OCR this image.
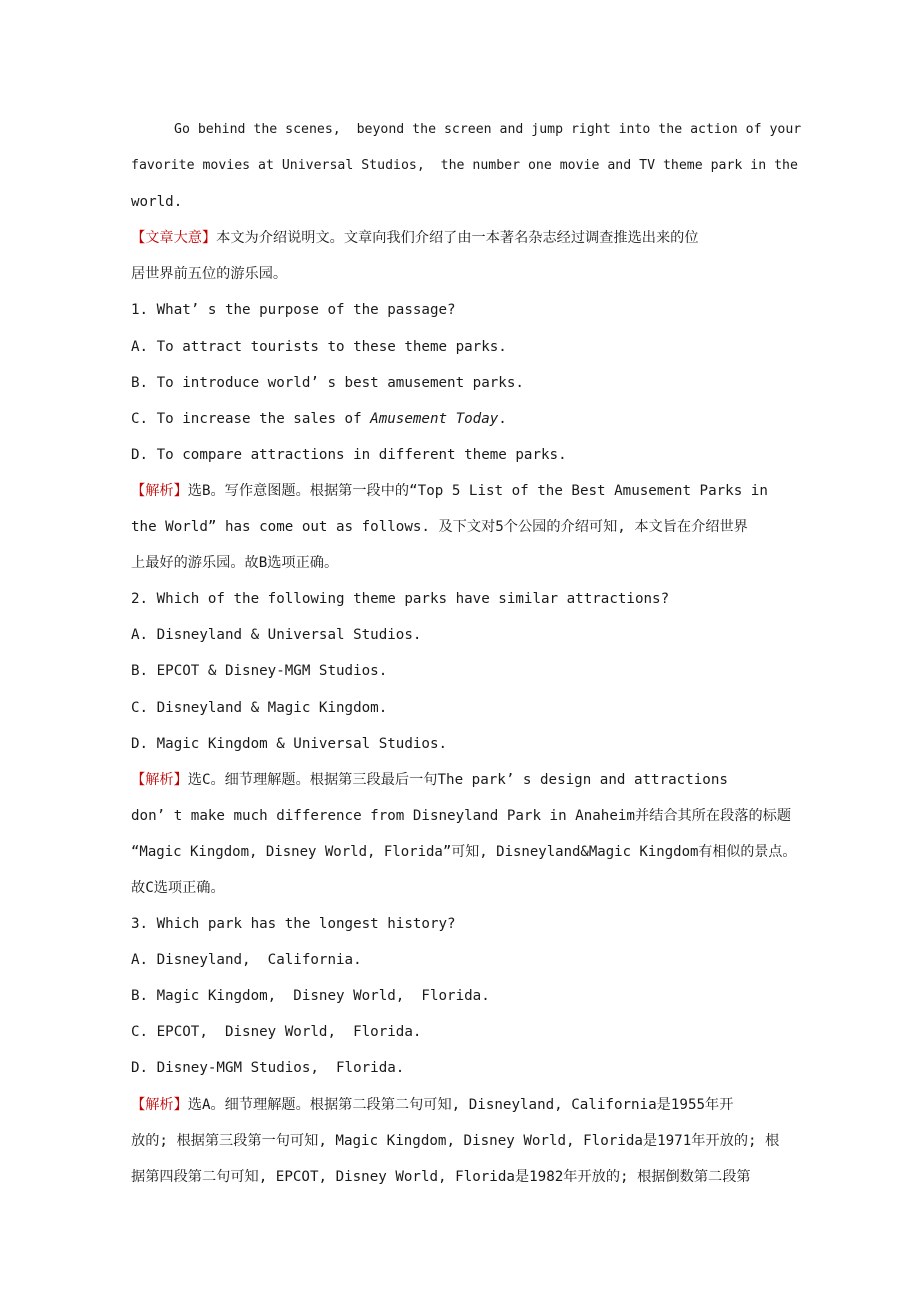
Go behind the scenes,  beyond the screen and jump right into the action of your
favorite movies at Universal Studios,  the number one movie and TV theme park in the
world.
【文章大意】本文为介绍说明文。文章向我们介绍了由一本著名杂志经过调查推选出来的位
居世界前五位的游乐园。
1. What’ s the purpose of the passage?
A. To attract tourists to these theme parks.
B. To introduce world’ s best amusement parks.
C. To increase the sales of Amusement Today.
D. To compare attractions in different theme parks.
【解析】选B。写作意图题。根据第一段中的“Top 5 List of the Best Amusement Parks in
the World” has come out as follows. 及下文对5个公园的介绍可知, 本文旨在介绍世界
上最好的游乐园。故B选项正确。
2. Which of the following theme parks have similar attractions?
A. Disneyland & Universal Studios.
B. EPCOT & Disney-MGM Studios.
C. Disneyland & Magic Kingdom.
D. Magic Kingdom & Universal Studios.
【解析】选C。细节理解题。根据第三段最后一句The park’ s design and attractions
don’ t make much difference from Disneyland Park in Anaheim并结合其所在段落的标题
“Magic Kingdom, Disney World, Florida”可知, Disneyland&Magic Kingdom有相似的景点。
故C选项正确。
3. Which park has the longest history?
A. Disneyland,  California.
B. Magic Kingdom,  Disney World,  Florida.
C. EPCOT,  Disney World,  Florida.
D. Disney-MGM Studios,  Florida.
【解析】选A。细节理解题。根据第二段第二句可知, Disneyland, California是1955年开
放的; 根据第三段第一句可知, Magic Kingdom, Disney World, Florida是1971年开放的; 根
据第四段第二句可知, EPCOT, Disney World, Florida是1982年开放的; 根据倒数第二段第
